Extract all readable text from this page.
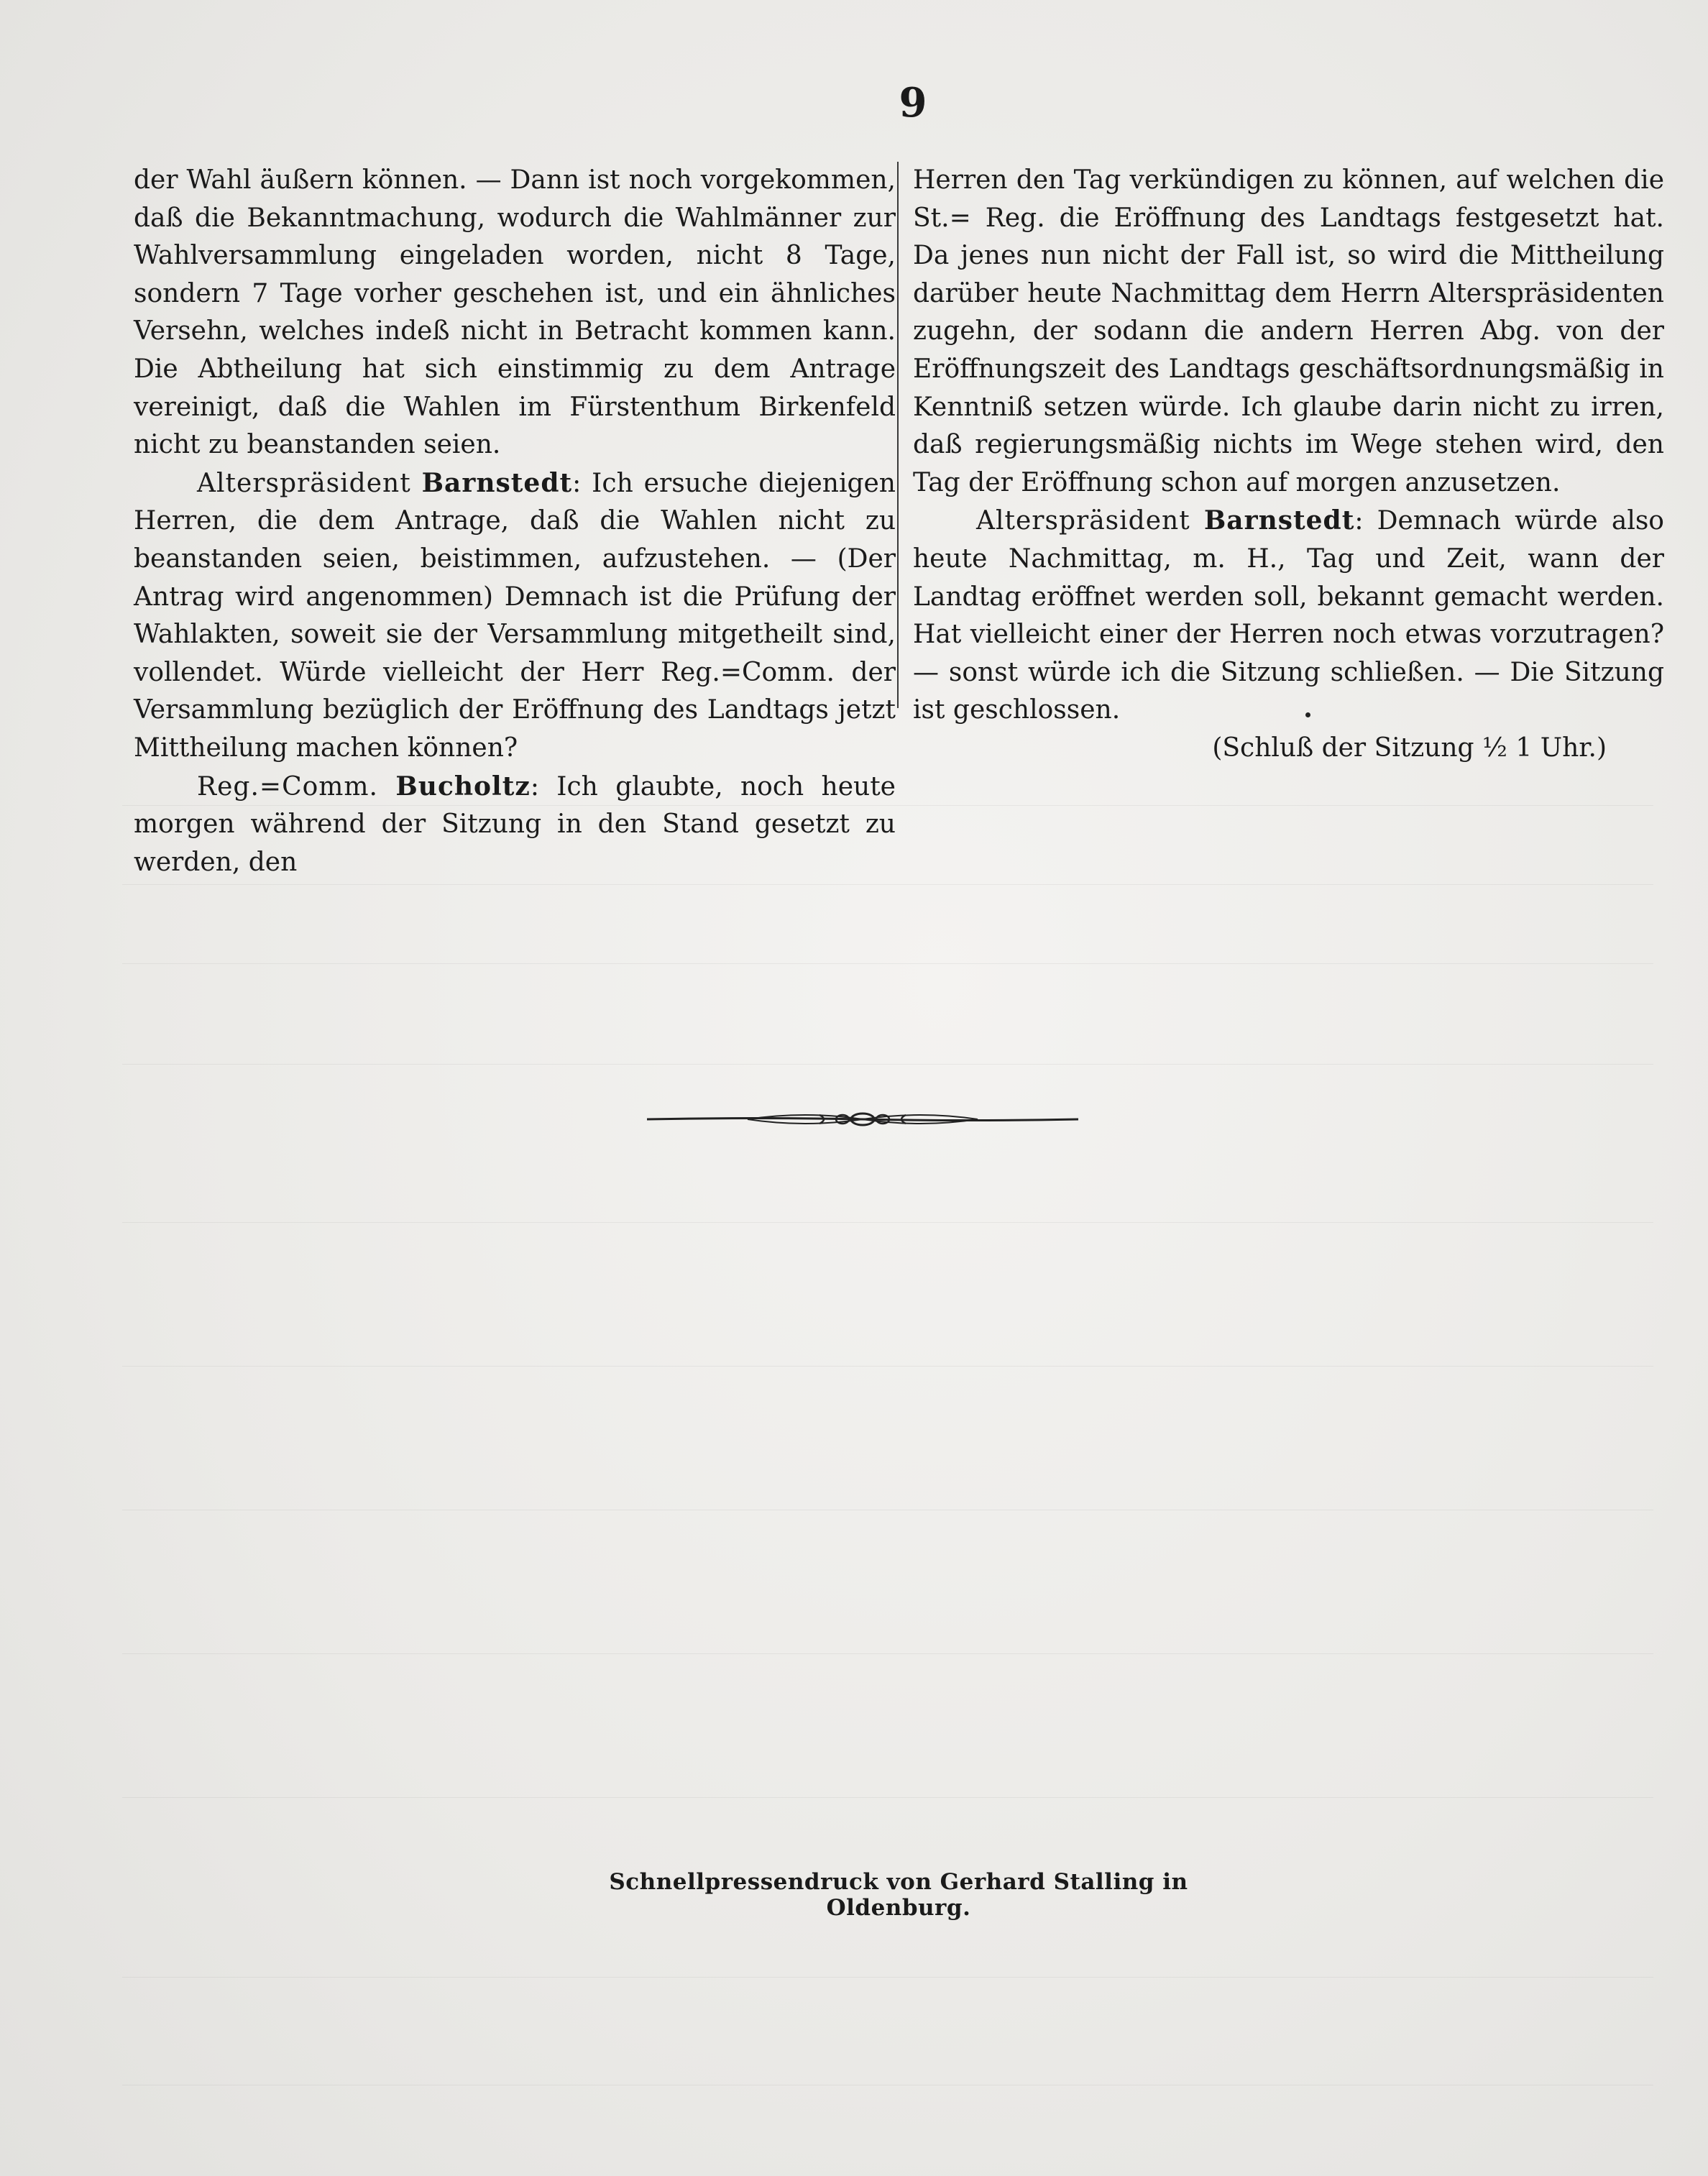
9

der Wahl äußern können. — Dann ist noch vorgekommen, daß die Bekanntmachung, wodurch die Wahlmänner zur Wahlversammlung eingeladen worden, nicht 8 Tage, sondern 7 Tage vorher geschehen ist, und ein ähnliches Versehn, welches indeß nicht in Betracht kommen kann. Die Abtheilung hat sich einstimmig zu dem Antrage vereinigt, daß die Wahlen im Fürstenthum Birkenfeld nicht zu beanstanden seien.

Alterspräsident Barnstedt: Ich ersuche diejenigen Herren, die dem Antrage, daß die Wahlen nicht zu beanstanden seien, beistimmen, aufzustehen. — (Der Antrag wird angenommen) Demnach ist die Prüfung der Wahlakten, soweit sie der Versammlung mitgetheilt sind, vollendet. Würde vielleicht der Herr Reg.=Comm. der Versammlung bezüglich der Eröffnung des Landtags jetzt Mittheilung machen können?

Reg.=Comm. Bucholtz: Ich glaubte, noch heute morgen während der Sitzung in den Stand gesetzt zu werden, den

Herren den Tag verkündigen zu können, auf welchen die St.= Reg. die Eröffnung des Landtags festgesetzt hat. Da jenes nun nicht der Fall ist, so wird die Mittheilung darüber heute Nachmittag dem Herrn Alterspräsidenten zugehn, der sodann die andern Herren Abg. von der Eröffnungszeit des Landtags geschäftsordnungsmäßig in Kenntniß setzen würde. Ich glaube darin nicht zu irren, daß regierungsmäßig nichts im Wege stehen wird, den Tag der Eröffnung schon auf morgen anzusetzen.

Alterspräsident Barnstedt: Demnach würde also heute Nachmittag, m. H., Tag und Zeit, wann der Landtag eröffnet werden soll, bekannt gemacht werden. Hat vielleicht einer der Herren noch etwas vorzutragen? — sonst würde ich die Sitzung schließen. — Die Sitzung ist geschlossen.

(Schluß der Sitzung ½ 1 Uhr.)

Schnellpressendruck von Gerhard Stalling in Oldenburg.
